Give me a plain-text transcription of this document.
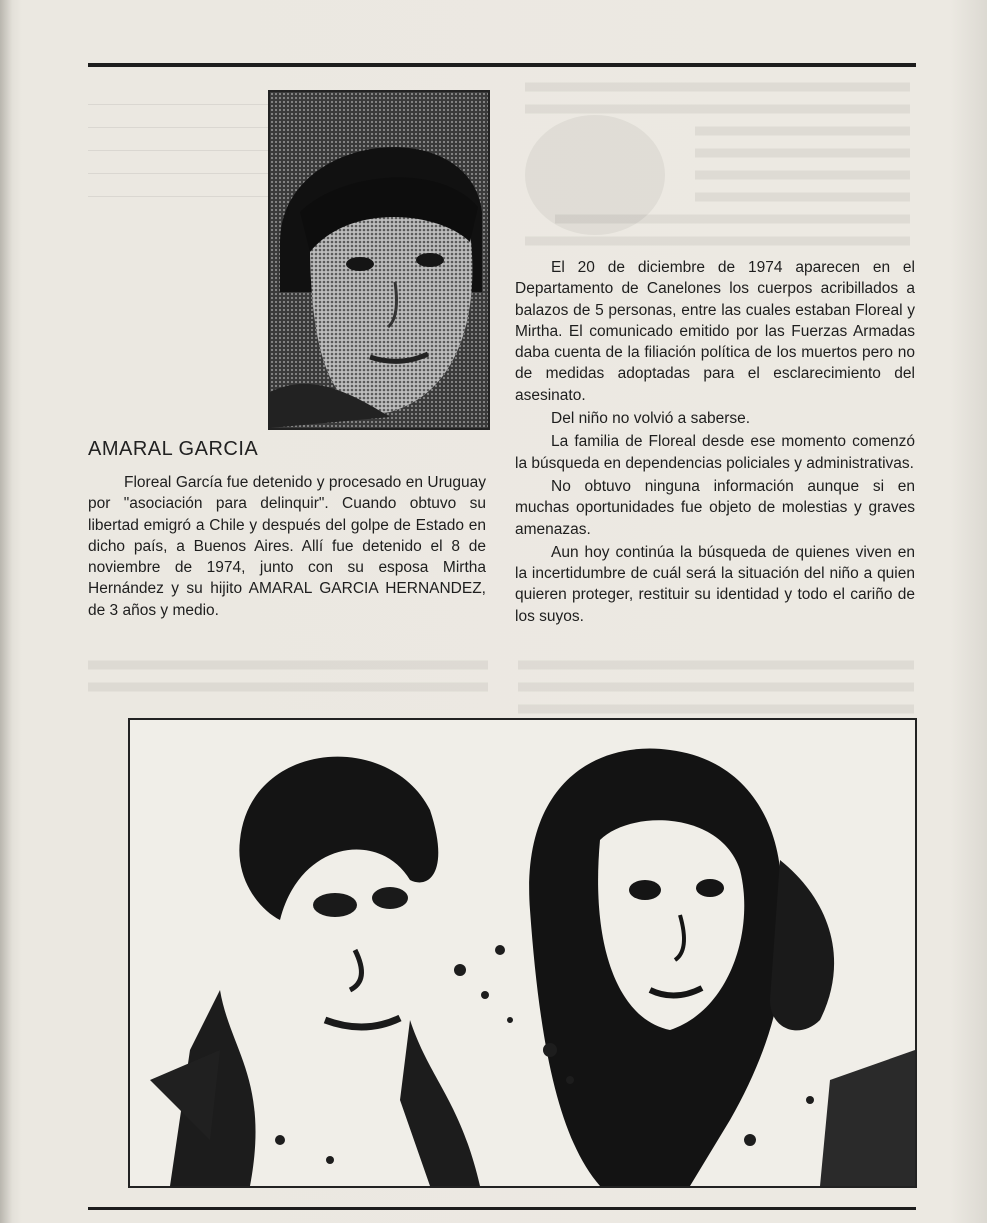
AMARAL GARCIA

Floreal García fue detenido y procesado en Uruguay por "asociación para delinquir". Cuando obtuvo su libertad emigró a Chile y después del golpe de Estado en dicho país, a Buenos Aires. Allí fue detenido el 8 de noviembre de 1974, junto con su esposa Mirtha Hernández y su hijito AMARAL GARCIA HERNANDEZ, de 3 años y medio.

El 20 de diciembre de 1974 aparecen en el Departamento de Canelones los cuerpos acribillados a balazos de 5 personas, entre las cuales estaban Floreal y Mirtha. El comunicado emitido por las Fuerzas Armadas daba cuenta de la filiación política de los muertos pero no de medidas adoptadas para el esclarecimiento del asesinato.

Del niño no volvió a saberse.

La familia de Floreal desde ese momento comenzó la búsqueda en dependencias policiales y administrativas.

No obtuvo ninguna información aunque si en muchas oportunidades fue objeto de molestias y graves amenazas.

Aun hoy continúa la búsqueda de quienes viven en la incertidumbre de cuál será la situación del niño a quien quieren proteger, restituir su identidad y todo el cariño de los suyos.
